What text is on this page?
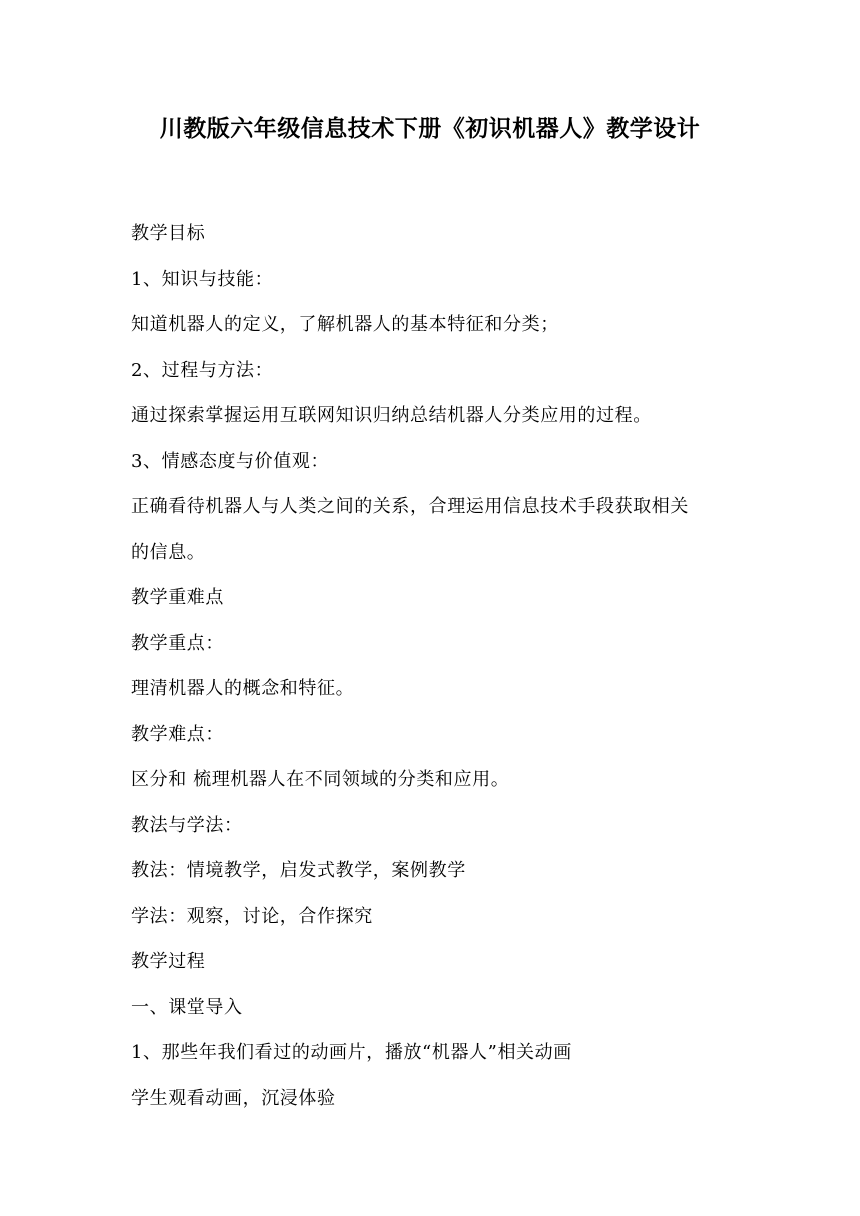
川教版六年级信息技术下册《初识机器人》教学设计

教学目标

1、知识与技能：

知道机器人的定义，了解机器人的基本特征和分类；

2、过程与方法：

通过探索掌握运用互联网知识归纳总结机器人分类应用的过程。

3、情感态度与价值观：

正确看待机器人与人类之间的关系，合理运用信息技术手段获取相关

的信息。

教学重难点

教学重点：

理清机器人的概念和特征。

教学难点：

区分和 梳理机器人在不同领域的分类和应用。

教法与学法：

教法：情境教学，启发式教学，案例教学

学法：观察，讨论，合作探究

教学过程

一、课堂导入

1、那些年我们看过的动画片，播放“机器人”相关动画

学生观看动画，沉浸体验
